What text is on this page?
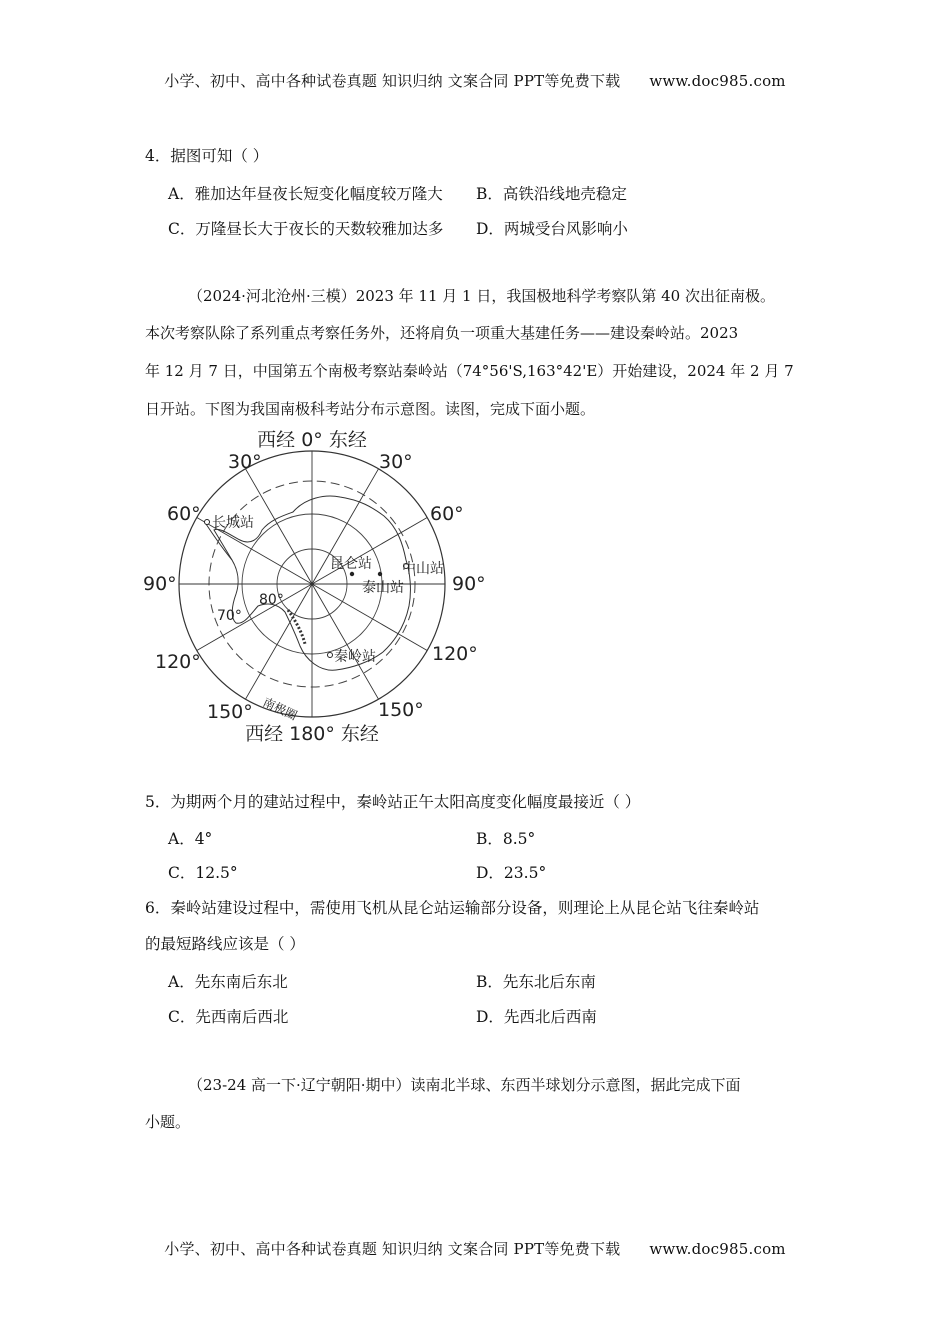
小学、初中、高中各种试卷真题 知识归纳 文案合同 PPT等免费下载 www.doc985.com
4．据图可知（ ）
A．雅加达年昼夜长短变化幅度较万隆大 B．高铁沿线地壳稳定
C．万隆昼长大于夜长的天数较雅加达多 D．两城受台风影响小
（2024·河北沧州·三模）2023 年 11 月 1 日，我国极地科学考察队第 40 次出征南极。
本次考察队除了系列重点考察任务外，还将肩负一项重大基建任务——建设秦岭站。2023
年 12 月 7 日，中国第五个南极考察站秦岭站（74°56'S,163°42'E）开始建设，2024 年 2 月 7
日开站。下图为我国南极科考站分布示意图。读图，完成下面小题。
西经 0° 东经
西经 180° 东经
30°	30°
60°	60°
90°	90°
120°	120°
150°	150°
80°
70°
长城站
昆仑站 中山站
泰山站
秦岭站
南极圈
5．为期两个月的建站过程中，秦岭站正午太阳高度变化幅度最接近（ ）
A．4°	B．8.5°
C．12.5°	D．23.5°
6．秦岭站建设过程中，需使用飞机从昆仑站运输部分设备，则理论上从昆仑站飞往秦岭站
的最短路线应该是（ ）
A．先东南后东北	B．先东北后东南
C．先西南后西北	D．先西北后西南
（23-24 高一下·辽宁朝阳·期中）读南北半球、东西半球划分示意图，据此完成下面
小题。
小学、初中、高中各种试卷真题 知识归纳 文案合同 PPT等免费下载 www.doc985.com
